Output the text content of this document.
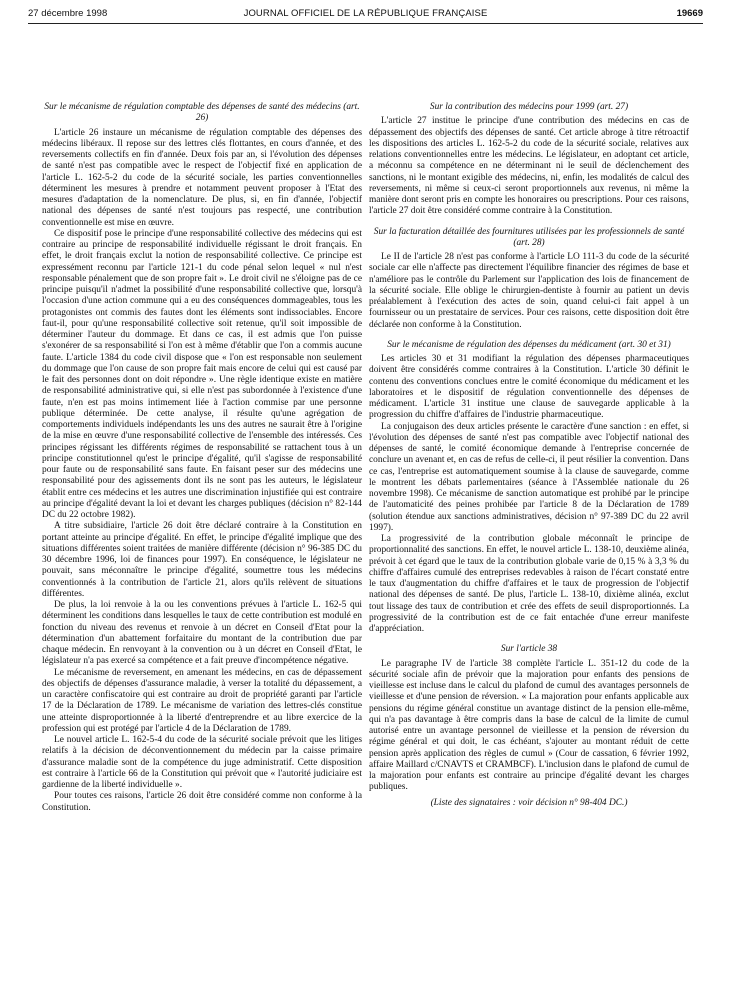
27 décembre 1998	JOURNAL OFFICIEL DE LA RÉPUBLIQUE FRANÇAISE	19669

Sur le mécanisme de régulation comptable des dépenses de santé des médecins (art. 26)

L'article 26 instaure un mécanisme de régulation comptable des dépenses des médecins libéraux. Il repose sur des lettres clés flottantes, en cours d'année, et des reversements collectifs en fin d'année. Deux fois par an, si l'évolution des dépenses de santé n'est pas compatible avec le respect de l'objectif fixé en application de l'article L. 162-5-2 du code de la sécurité sociale, les parties conventionnelles déterminent les mesures à prendre et notamment peuvent proposer à l'Etat des mesures d'adaptation de la nomenclature. De plus, si, en fin d'année, l'objectif national des dépenses de santé n'est toujours pas respecté, une contribution conventionnelle est mise en œuvre.

Ce dispositif pose le principe d'une responsabilité collective des médecins qui est contraire au principe de responsabilité individuelle régissant le droit français. En effet, le droit français exclut la notion de responsabilité collective. Ce principe est expressément reconnu par l'article 121-1 du code pénal selon lequel « nul n'est responsable pénalement que de son propre fait ». Le droit civil ne s'éloigne pas de ce principe puisqu'il n'admet la possibilité d'une responsabilité collective que, lorsqu'à l'occasion d'une action commune qui a eu des conséquences dommageables, tous les protagonistes ont commis des fautes dont les éléments sont indissociables. Encore faut-il, pour qu'une responsabilité collective soit retenue, qu'il soit impossible de déterminer l'auteur du dommage. Et dans ce cas, il est admis que l'on puisse s'exonérer de sa responsabilité si l'on est à même d'établir que l'on a commis aucune faute. L'article 1384 du code civil dispose que « l'on est responsable non seulement du dommage que l'on cause de son propre fait mais encore de celui qui est causé par le fait des personnes dont on doit répondre ». Une règle identique existe en matière de responsabilité administrative qui, si elle n'est pas subordonnée à l'existence d'une faute, n'en est pas moins intimement liée à l'action commise par une personne publique déterminée. De cette analyse, il résulte qu'une agrégation de comportements individuels indépendants les uns des autres ne saurait être à l'origine de la mise en œuvre d'une responsabilité collective de l'ensemble des intéressés. Ces principes régissant les différents régimes de responsabilité se rattachent tous à un principe constitutionnel qu'est le principe d'égalité, qu'il s'agisse de responsabilité pour faute ou de responsabilité sans faute. En faisant peser sur des médecins une responsabilité pour des agissements dont ils ne sont pas les auteurs, le législateur établit entre ces médecins et les autres une discrimination injustifiée qui est contraire au principe d'égalité devant la loi et devant les charges publiques (décision n° 82-144 DC du 22 octobre 1982).

A titre subsidiaire, l'article 26 doit être déclaré contraire à la Constitution en portant atteinte au principe d'égalité. En effet, le principe d'égalité implique que des situations différentes soient traitées de manière différente (décision n° 96-385 DC du 30 décembre 1996, loi de finances pour 1997). En conséquence, le législateur ne pouvait, sans méconnaître le principe d'égalité, soumettre tous les médecins conventionnés à la contribution de l'article 21, alors qu'ils relèvent de situations différentes.

De plus, la loi renvoie à la ou les conventions prévues à l'article L. 162-5 qui déterminent les conditions dans lesquelles le taux de cette contribution est modulé en fonction du niveau des revenus et renvoie à un décret en Conseil d'Etat pour la détermination d'un abattement forfaitaire du montant de la contribution due par chaque médecin. En renvoyant à la convention ou à un décret en Conseil d'Etat, le législateur n'a pas exercé sa compétence et a fait preuve d'incompétence négative.

Le mécanisme de reversement, en amenant les médecins, en cas de dépassement des objectifs de dépenses d'assurance maladie, à verser la totalité du dépassement, a un caractère confiscatoire qui est contraire au droit de propriété garanti par l'article 17 de la Déclaration de 1789. Le mécanisme de variation des lettres-clés constitue une atteinte disproportionnée à la liberté d'entreprendre et au libre exercice de la profession qui est protégé par l'article 4 de la Déclaration de 1789.

Le nouvel article L. 162-5-4 du code de la sécurité sociale prévoit que les litiges relatifs à la décision de déconventionnement du médecin par la caisse primaire d'assurance maladie sont de la compétence du juge administratif. Cette disposition est contraire à l'article 66 de la Constitution qui prévoit que « l'autorité judiciaire est gardienne de la liberté individuelle ».

Pour toutes ces raisons, l'article 26 doit être considéré comme non conforme à la Constitution.

Sur la contribution des médecins pour 1999 (art. 27)

L'article 27 institue le principe d'une contribution des médecins en cas de dépassement des objectifs des dépenses de santé. Cet article abroge à titre rétroactif les dispositions des articles L. 162-5-2 du code de la sécurité sociale, relatives aux relations conventionnelles entre les médecins. Le législateur, en adoptant cet article, a méconnu sa compétence en ne déterminant ni le seuil de déclenchement des sanctions, ni le montant exigible des médecins, ni, enfin, les modalités de calcul des reversements, ni même si ceux-ci seront proportionnels aux revenus, ni même la manière dont seront pris en compte les honoraires ou prescriptions. Pour ces raisons, l'article 27 doit être considéré comme contraire à la Constitution.

Sur la facturation détaillée des fournitures utilisées par les professionnels de santé (art. 28)

Le II de l'article 28 n'est pas conforme à l'article LO 111-3 du code de la sécurité sociale car elle n'affecte pas directement l'équilibre financier des régimes de base et n'améliore pas le contrôle du Parlement sur l'application des lois de financement de la sécurité sociale. Elle oblige le chirurgien-dentiste à fournir au patient un devis préalablement à l'exécution des actes de soin, quand celui-ci fait appel à un fournisseur ou un prestataire de services. Pour ces raisons, cette disposition doit être déclarée non conforme à la Constitution.

Sur le mécanisme de régulation des dépenses du médicament (art. 30 et 31)

Les articles 30 et 31 modifiant la régulation des dépenses pharmaceutiques doivent être considérés comme contraires à la Constitution. L'article 30 définit le contenu des conventions conclues entre le comité économique du médicament et les laboratoires et le dispositif de régulation conventionnelle des dépenses de médicament. L'article 31 institue une clause de sauvegarde applicable à la progression du chiffre d'affaires de l'industrie pharmaceutique.

La conjugaison des deux articles présente le caractère d'une sanction : en effet, si l'évolution des dépenses de santé n'est pas compatible avec l'objectif national des dépenses de santé, le comité économique demande à l'entreprise concernée de conclure un avenant et, en cas de refus de celle-ci, il peut résilier la convention. Dans ce cas, l'entreprise est automatiquement soumise à la clause de sauvegarde, comme le montrent les débats parlementaires (séance à l'Assemblée nationale du 26 novembre 1998). Ce mécanisme de sanction automatique est prohibé par le principe de l'automaticité des peines prohibée par l'article 8 de la Déclaration de 1789 (solution étendue aux sanctions administratives, décision n° 97-389 DC du 22 avril 1997).

La progressivité de la contribution globale méconnaît le principe de proportionnalité des sanctions. En effet, le nouvel article L. 138-10, deuxième alinéa, prévoit à cet égard que le taux de la contribution globale varie de 0,15 % à 3,3 % du chiffre d'affaires cumulé des entreprises redevables à raison de l'écart constaté entre le taux d'augmentation du chiffre d'affaires et le taux de progression de l'objectif national des dépenses de santé. De plus, l'article L. 138-10, dixième alinéa, exclut tout lissage des taux de contribution et crée des effets de seuil disproportionnés. La progressivité de la contribution est de ce fait entachée d'une erreur manifeste d'appréciation.

Sur l'article 38

Le paragraphe IV de l'article 38 complète l'article L. 351-12 du code de la sécurité sociale afin de prévoir que la majoration pour enfants des pensions de vieillesse est incluse dans le calcul du plafond de cumul des avantages personnels de vieillesse et d'une pension de réversion. « La majoration pour enfants applicable aux pensions du régime général constitue un avantage distinct de la pension elle-même, qui n'a pas davantage à être compris dans la base de calcul de la limite de cumul autorisé entre un avantage personnel de vieillesse et la pension de réversion du régime général et qui doit, le cas échéant, s'ajouter au montant réduit de cette pension après application des règles de cumul » (Cour de cassation, 6 février 1992, affaire Maillard c/CNAVTS et CRAMBCF). L'inclusion dans le plafond de cumul de la majoration pour enfants est contraire au principe d'égalité devant les charges publiques.

(Liste des signataires : voir décision n° 98-404 DC.)
